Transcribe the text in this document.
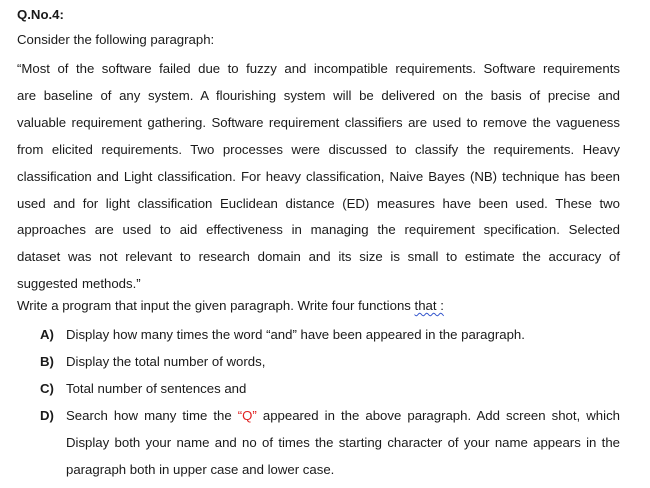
Q.No.4:
Consider the following paragraph:
“Most of the software failed due to fuzzy and incompatible requirements. Software requirements
are baseline of any system. A flourishing system will be delivered on the basis of precise and
valuable requirement gathering. Software requirement classifiers are used to remove the vagueness
from elicited requirements. Two processes were discussed to classify the requirements. Heavy
classification and Light classification. For heavy classification, Naive Bayes (NB) technique has been
used and for light classification Euclidean distance (ED) measures have been used. These two
approaches are used to aid effectiveness in managing the requirement specification. Selected
dataset was not relevant to research domain and its size is small to estimate the accuracy of
suggested methods.”
Write a program that input the given paragraph. Write four functions that :
A) Display how many times the word “and” have been appeared in the paragraph.
B) Display the total number of words,
C) Total number of sentences and
D) Search how many time the “Q” appeared in the above paragraph. Add screen shot, which
Display both your name and no of times the starting character of your name appears in the
paragraph both in upper case and lower case.
